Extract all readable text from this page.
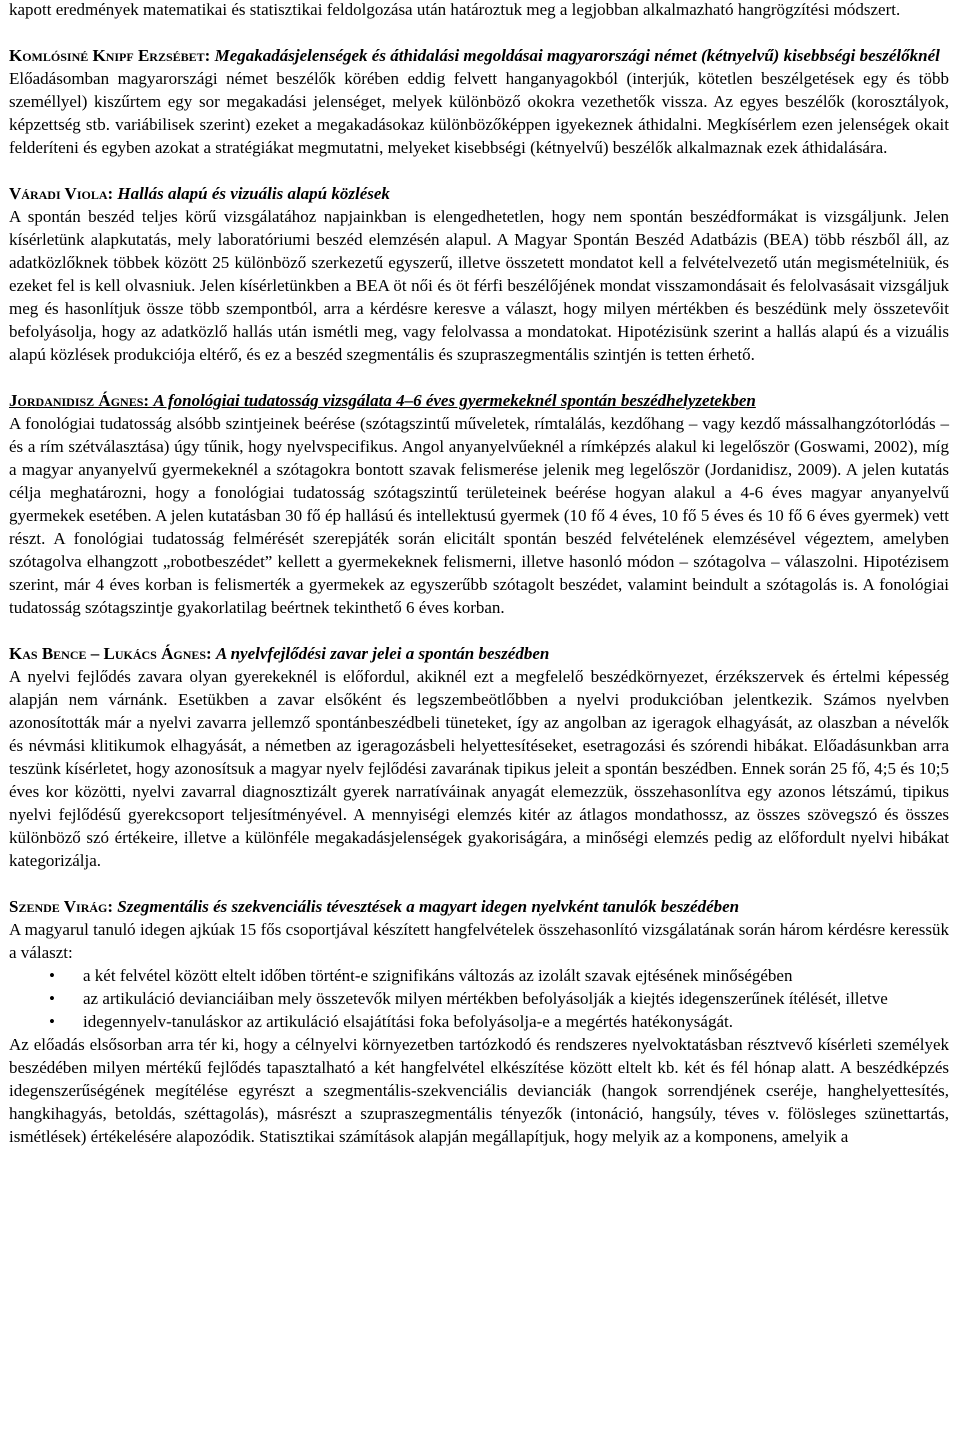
kapott eredmények matematikai és statisztikai feldolgozása után határoztuk meg a legjobban alkalmazható hangrögzítési módszert.

Komlósiné Knipf Erzsébet: Megakadásjelenségek és áthidalási megoldásai magyarországi német (kétnyelvű) kisebbségi beszélőknél

Előadásomban magyarországi német beszélők körében eddig felvett hanganyagokból (interjúk, kötetlen beszélgetések egy és több személlyel) kiszűrtem egy sor megakadási jelenséget, melyek különböző okokra vezethetők vissza. Az egyes beszélők (korosztályok, képzettség stb. variábilisek szerint) ezeket a megakadásokaz különbözőképpen igyekeznek áthidalni. Megkísérlem ezen jelenségek okait felderíteni és egyben azokat a stratégiákat megmutatni, melyeket kisebbségi (kétnyelvű) beszélők alkalmaznak ezek áthidalására.

Váradi Viola: Hallás alapú és vizuális alapú közlések

A spontán beszéd teljes körű vizsgálatához napjainkban is elengedhetetlen, hogy nem spontán beszédformákat is vizsgáljunk. Jelen kísérletünk alapkutatás, mely laboratóriumi beszéd elemzésén alapul. A Magyar Spontán Beszéd Adatbázis (BEA) több részből áll, az adatközlőknek többek között 25 különböző szerkezetű egyszerű, illetve összetett mondatot kell a felvételvezető után megismételniük, és ezeket fel is kell olvasniuk. Jelen kísérletünkben a BEA öt női és öt férfi beszélőjének mondat visszamondásait és felolvasásait vizsgáljuk meg és hasonlítjuk össze több szempontból, arra a kérdésre keresve a választ, hogy milyen mértékben és beszédünk mely összetevőit befolyásolja, hogy az adatközlő hallás után ismétli meg, vagy felolvassa a mondatokat. Hipotézisünk szerint a hallás alapú és a vizuális alapú közlések produkciója eltérő, és ez a beszéd szegmentális és szupraszegmentális szintjén is tetten érhető.

Jordanidisz Ágnes: A fonológiai tudatosság vizsgálata 4–6 éves gyermekeknél spontán beszédhelyzetekben

A fonológiai tudatosság alsóbb szintjeinek beérése (szótagszintű műveletek, rímtalálás, kezdőhang – vagy kezdő mássalhangzótorlódás – és a rím szétválasztása) úgy tűnik, hogy nyelvspecifikus. Angol anyanyelvűeknél a rímképzés alakul ki legelőször (Goswami, 2002), míg a magyar anyanyelvű gyermekeknél a szótagokra bontott szavak felismerése jelenik meg legelőször (Jordanidisz, 2009). A jelen kutatás célja meghatározni, hogy a fonológiai tudatosság szótagszintű területeinek beérése hogyan alakul a 4-6 éves magyar anyanyelvű gyermekek esetében. A jelen kutatásban 30 fő ép hallású és intellektusú gyermek (10 fő 4 éves, 10 fő 5 éves és 10 fő 6 éves gyermek) vett részt. A fonológiai tudatosság felmérését szerepjáték során elicitált spontán beszéd felvételének elemzésével végeztem, amelyben szótagolva elhangzott „robotbeszédet” kellett a gyermekeknek felismerni, illetve hasonló módon – szótagolva – válaszolni. Hipotézisem szerint, már 4 éves korban is felismerték a gyermekek az egyszerűbb szótagolt beszédet, valamint beindult a szótagolás is. A fonológiai tudatosság szótagszintje gyakorlatilag beértnek tekinthető 6 éves korban.

Kas Bence – Lukács Ágnes: A nyelvfejlődési zavar jelei a spontán beszédben

A nyelvi fejlődés zavara olyan gyerekeknél is előfordul, akiknél ezt a megfelelő beszédkörnyezet, érzékszervek és értelmi képesség alapján nem várnánk. Esetükben a zavar elsőként és legszembeötlőbben a nyelvi produkcióban jelentkezik. Számos nyelvben azonosították már a nyelvi zavarra jellemző spontánbeszédbeli tüneteket, így az angolban az igeragok elhagyását, az olaszban a névelők és névmási klitikumok elhagyását, a németben az igeragozásbeli helyettesítéseket, esetragozási és szórendi hibákat. Előadásunkban arra teszünk kísérletet, hogy azonosítsuk a magyar nyelv fejlődési zavarának tipikus jeleit a spontán beszédben. Ennek során 25 fő, 4;5 és 10;5 éves kor közötti, nyelvi zavarral diagnosztizált gyerek narratíváinak anyagát elemezzük, összehasonlítva egy azonos létszámú, tipikus nyelvi fejlődésű gyerekcsoport teljesítményével. A mennyiségi elemzés kitér az átlagos mondathossz, az összes szövegszó és összes különböző szó értékeire, illetve a különféle megakadásjelenségek gyakoriságára, a minőségi elemzés pedig az előfordult nyelvi hibákat kategorizálja.

Szende Virág: Szegmentális és szekvenciális tévesztések a magyart idegen nyelvként tanulók beszédében

A magyarul tanuló idegen ajkúak 15 fős csoportjával készített hangfelvételek összehasonlító vizsgálatának során három kérdésre keressük a választ:

• a két felvétel között eltelt időben történt-e szignifikáns változás az izolált szavak ejtésének minőségében
• az artikuláció devianciáiban mely összetevők milyen mértékben befolyásolják a kiejtés idegenszerűnek ítélését, illetve
• idegennyelv-tanuláskor az artikuláció elsajátítási foka befolyásolja-e a megértés hatékonyságát.

Az előadás elsősorban arra tér ki, hogy a célnyelvi környezetben tartózkodó és rendszeres nyelvoktatásban résztvevő kísérleti személyek beszédében milyen mértékű fejlődés tapasztalható a két hangfelvétel elkészítése között eltelt kb. két és fél hónap alatt. A beszédképzés idegenszerűségének megítélése egyrészt a szegmentális-szekvenciális devianciák (hangok sorrendjének cseréje, hanghelyettesítés, hangkihagyás, betoldás, széttagolás), másrészt a szupraszegmentális tényezők (intonáció, hangsúly, téves v. fölösleges szünettartás, ismétlések) értékelésére alapozódik. Statisztikai számítások alapján megállapítjuk, hogy melyik az a komponens, amelyik a
